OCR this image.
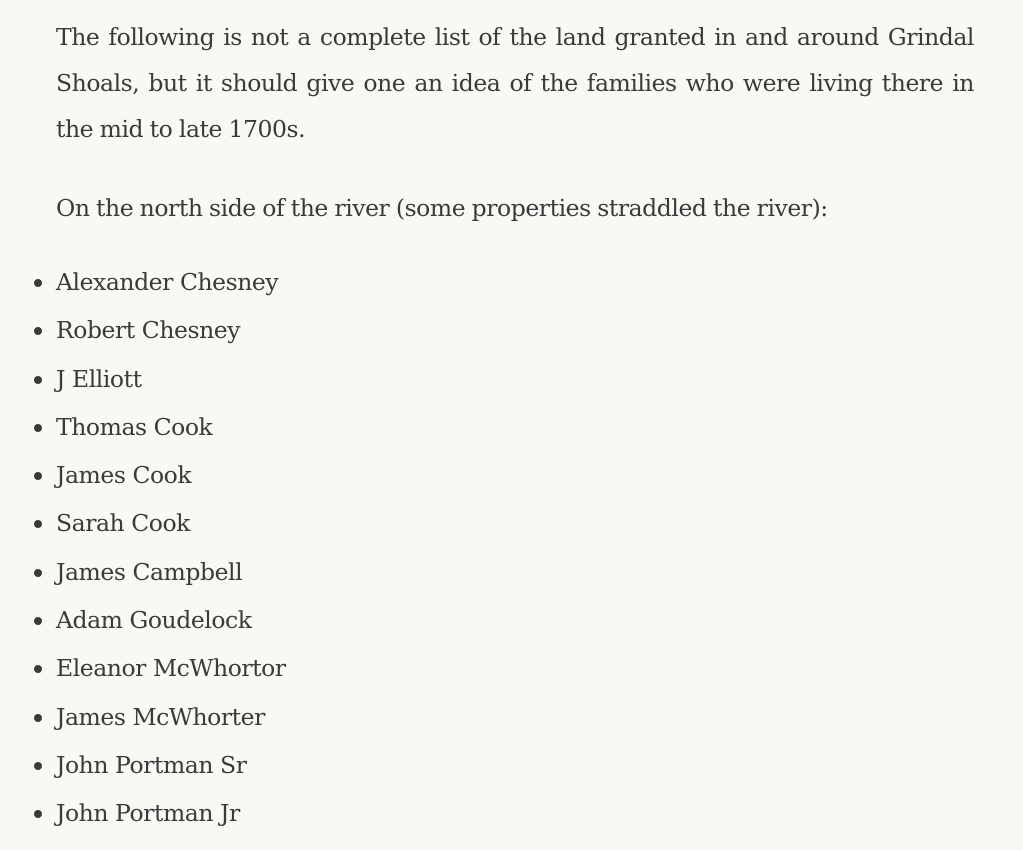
The following is not a complete list of the land granted in and around Grindal Shoals, but it should give one an idea of the families who were living there in the mid to late 1700s.

On the north side of the river (some properties straddled the river):

Alexander Chesney
Robert Chesney
J Elliott
Thomas Cook
James Cook
Sarah Cook
James Campbell
Adam Goudelock
Eleanor McWhortor
James McWhorter
John Portman Sr
John Portman Jr
